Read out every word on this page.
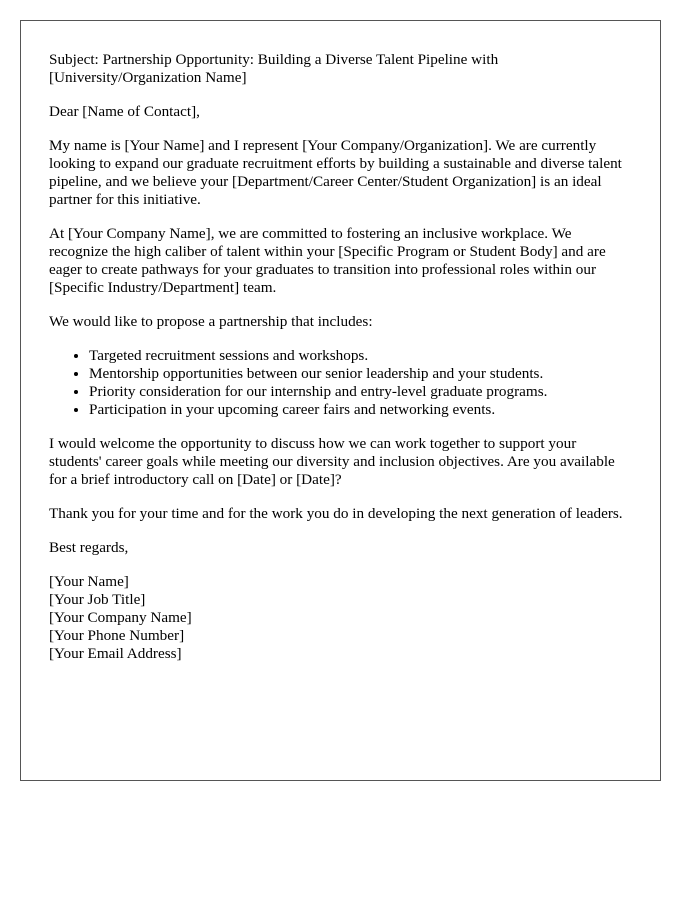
Subject: Partnership Opportunity: Building a Diverse Talent Pipeline with [University/Organization Name]

Dear [Name of Contact],

My name is [Your Name] and I represent [Your Company/Organization]. We are currently looking to expand our graduate recruitment efforts by building a sustainable and diverse talent pipeline, and we believe your [Department/Career Center/Student Organization] is an ideal partner for this initiative.

At [Your Company Name], we are committed to fostering an inclusive workplace. We recognize the high caliber of talent within your [Specific Program or Student Body] and are eager to create pathways for your graduates to transition into professional roles within our [Specific Industry/Department] team.

We would like to propose a partnership that includes:

• Targeted recruitment sessions and workshops.
• Mentorship opportunities between our senior leadership and your students.
• Priority consideration for our internship and entry-level graduate programs.
• Participation in your upcoming career fairs and networking events.

I would welcome the opportunity to discuss how we can work together to support your students' career goals while meeting our diversity and inclusion objectives. Are you available for a brief introductory call on [Date] or [Date]?

Thank you for your time and for the work you do in developing the next generation of leaders.

Best regards,

[Your Name]
[Your Job Title]
[Your Company Name]
[Your Phone Number]
[Your Email Address]
